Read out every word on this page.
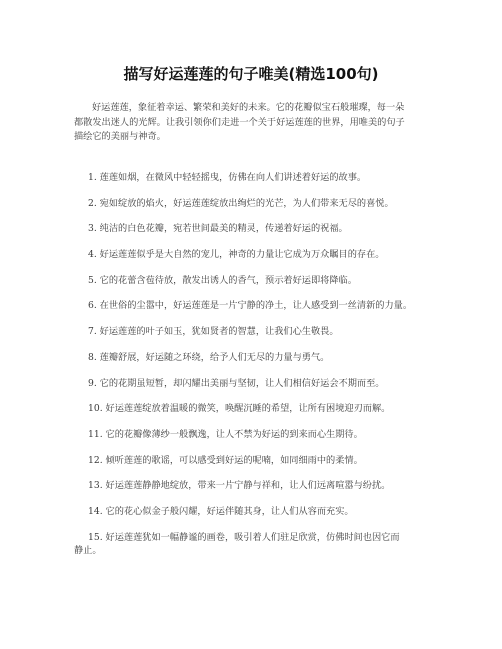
描写好运莲莲的句子唯美(精选100句)
好运莲莲，象征着幸运、繁荣和美好的未来。它的花瓣似宝石般璀璨，每一朵
都散发出迷人的光辉。让我引领你们走进一个关于好运莲莲的世界，用唯美的句子
描绘它的美丽与神奇。
1. 莲莲如烟，在微风中轻轻摇曳，仿佛在向人们讲述着好运的故事。
2. 宛如绽放的焰火，好运莲莲绽放出绚烂的光芒，为人们带来无尽的喜悦。
3. 纯洁的白色花瓣，宛若世间最美的精灵，传递着好运的祝福。
4. 好运莲莲似乎是大自然的宠儿，神奇的力量让它成为万众瞩目的存在。
5. 它的花蕾含苞待放，散发出诱人的香气，预示着好运即将降临。
6. 在世俗的尘嚣中，好运莲莲是一片宁静的净土，让人感受到一丝清新的力量。
7. 好运莲莲的叶子如玉，犹如贤者的智慧，让我们心生敬畏。
8. 莲瓣舒展，好运随之环绕，给予人们无尽的力量与勇气。
9. 它的花期虽短暂，却闪耀出美丽与坚韧，让人们相信好运会不期而至。
10. 好运莲莲绽放着温暖的微笑，唤醒沉睡的希望，让所有困境迎刃而解。
11. 它的花瓣像薄纱一般飘逸，让人不禁为好运的到来而心生期待。
12. 倾听莲莲的歌谣，可以感受到好运的呢喃，如同细雨中的柔情。
13. 好运莲莲静静地绽放，带来一片宁静与祥和，让人们远离喧嚣与纷扰。
14. 它的花心似金子般闪耀，好运伴随其身，让人们从容而充实。
15. 好运莲莲犹如一幅静谧的画卷，吸引着人们驻足欣赏，仿佛时间也因它而
静止。
